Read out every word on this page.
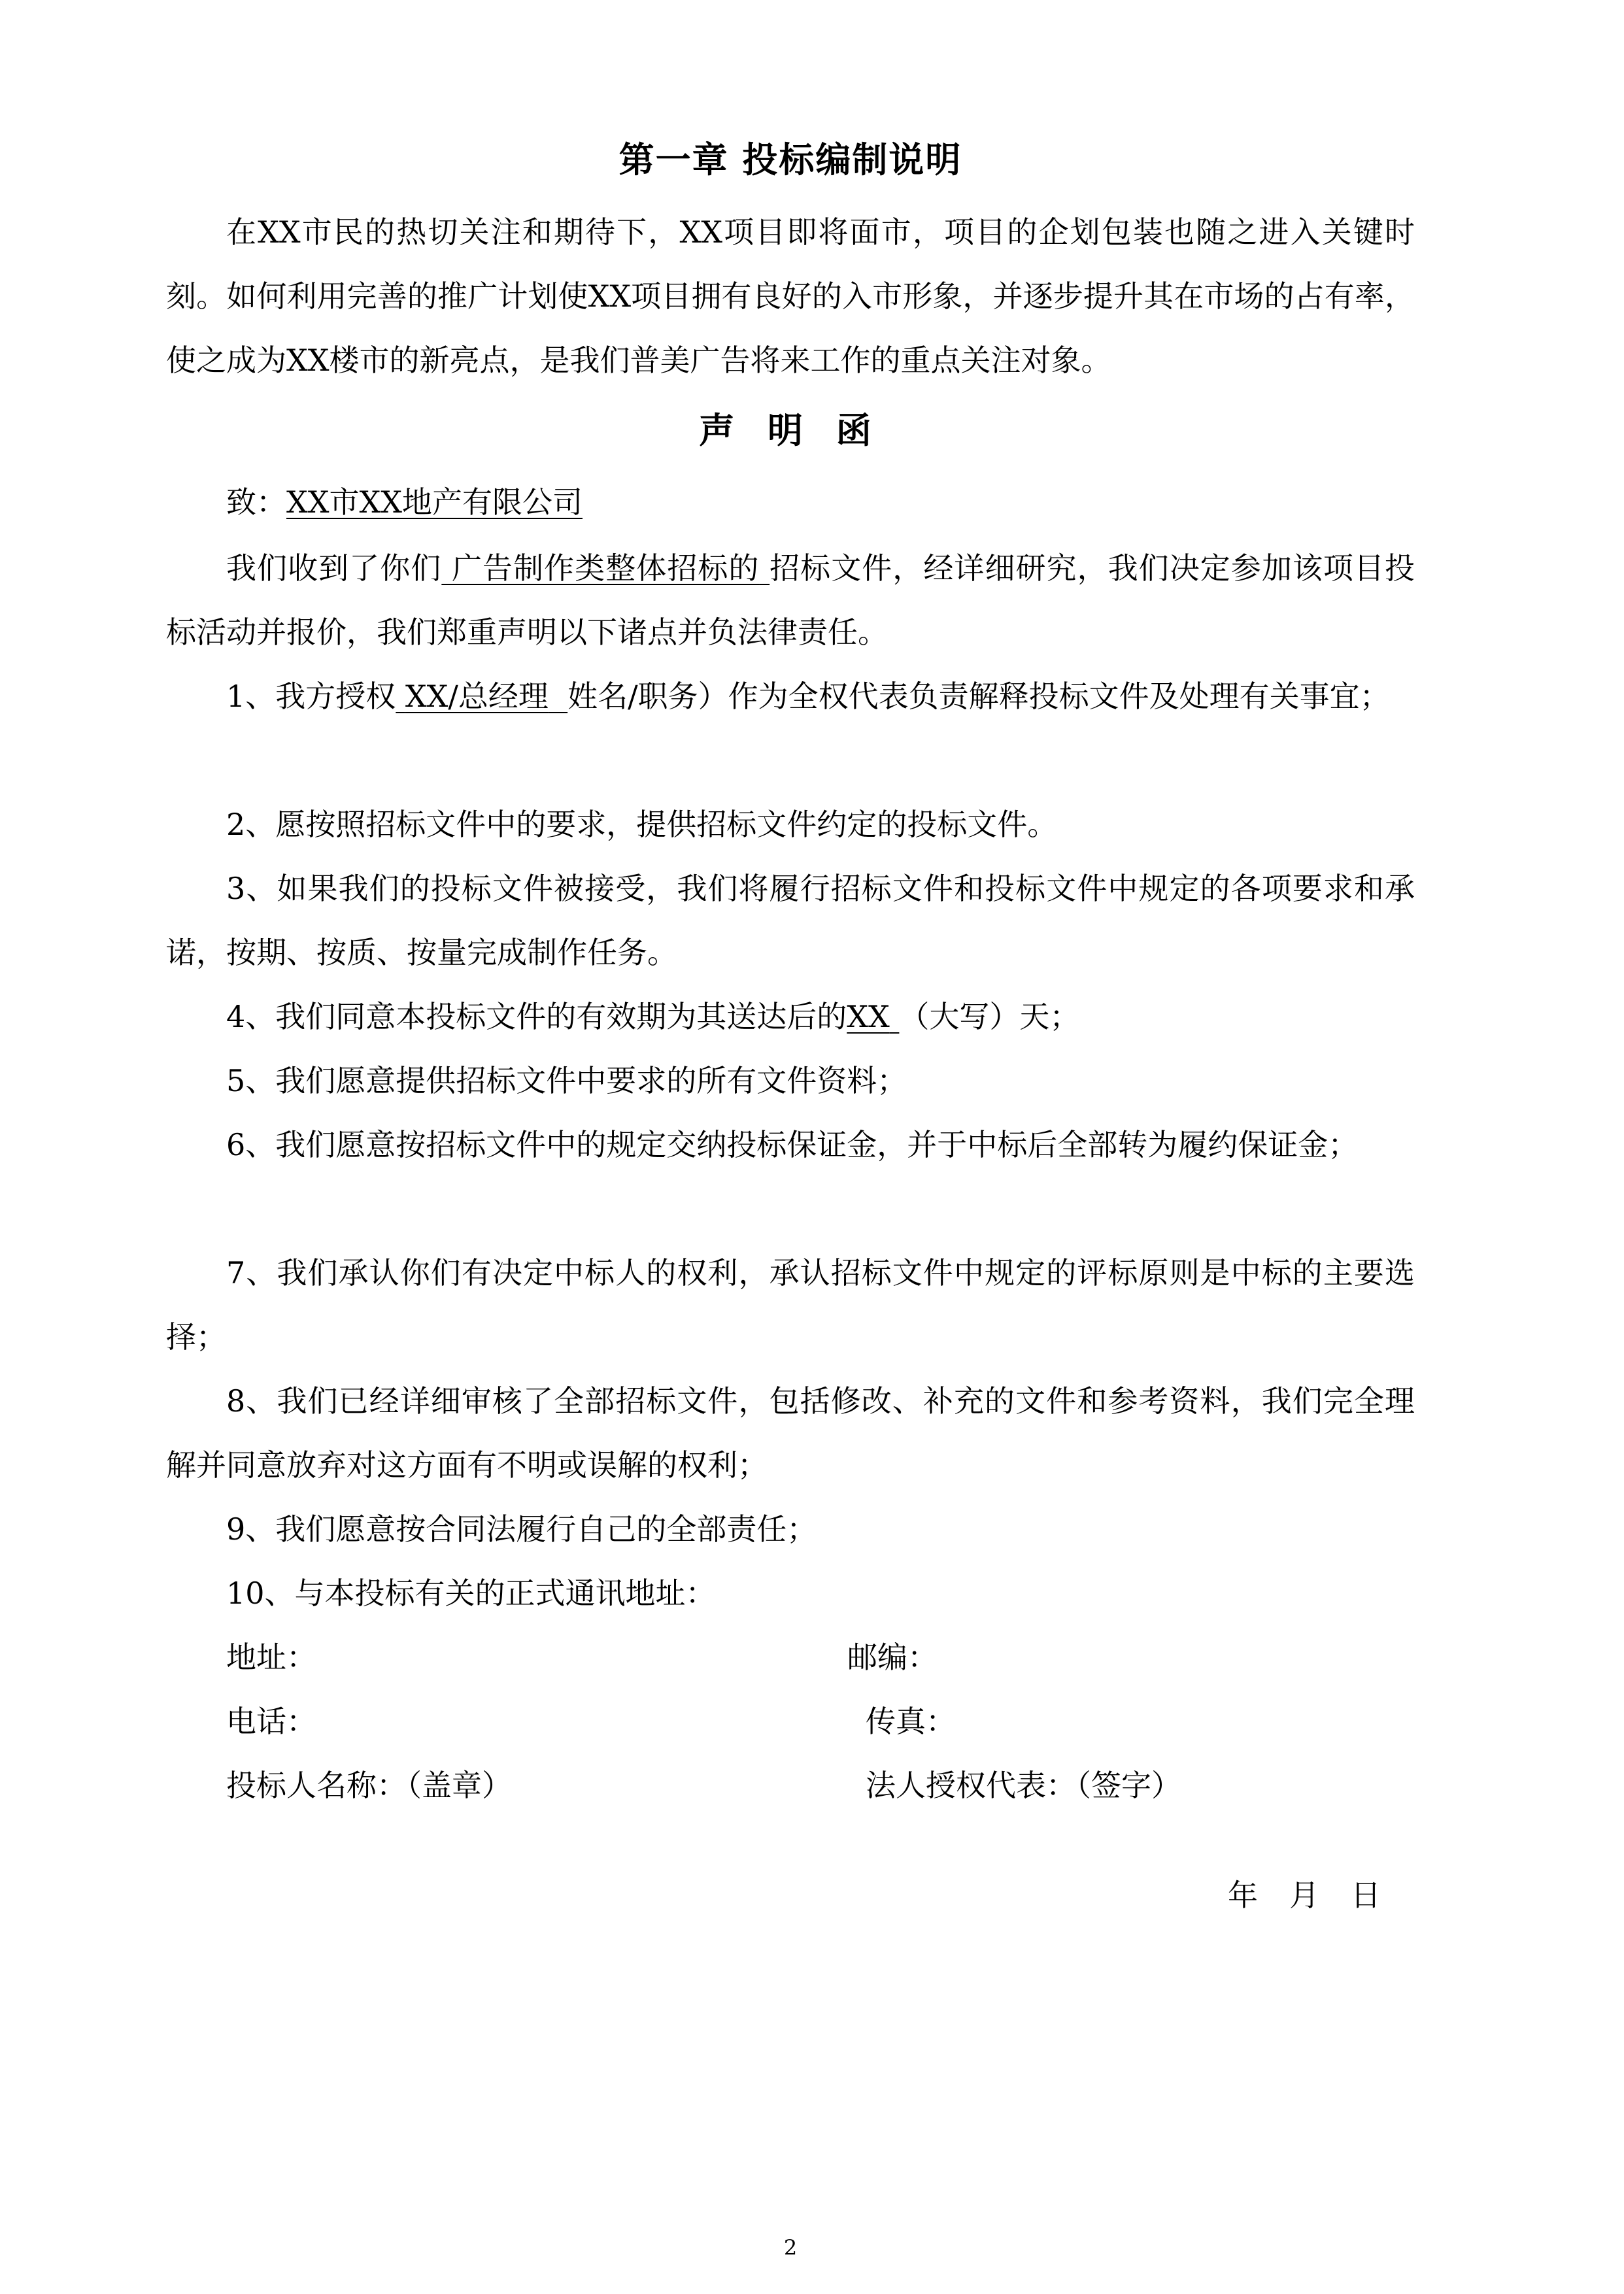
第一章 投标编制说明

在XX市民的热切关注和期待下，XX项目即将面市，项目的企划包装也随之进入关键时刻。如何利用完善的推广计划使XX项目拥有良好的入市形象，并逐步提升其在市场的占有率，使之成为XX楼市的新亮点，是我们普美广告将来工作的重点关注对象。

声 明 函
致：XX市XX地产有限公司

我们收到了你们 广告制作类整体招标的 招标文件，经详细研究，我们决定参加该项目投标活动并报价，我们郑重声明以下诸点并负法律责任。

1、我方授权 XX/总经理 姓名/职务）作为全权代表负责解释投标文件及处理有关事宜；

2、愿按照招标文件中的要求，提供招标文件约定的投标文件。

3、如果我们的投标文件被接受，我们将履行招标文件和投标文件中规定的各项要求和承诺，按期、按质、按量完成制作任务。

4、我们同意本投标文件的有效期为其送达后的XX （大写）天；

5、我们愿意提供招标文件中要求的所有文件资料；

6、我们愿意按招标文件中的规定交纳投标保证金，并于中标后全部转为履约保证金；

7、我们承认你们有决定中标人的权利，承认招标文件中规定的评标原则是中标的主要选择；

8、我们已经详细审核了全部招标文件，包括修改、补充的文件和参考资料，我们完全理解并同意放弃对这方面有不明或误解的权利；

9、我们愿意按合同法履行自己的全部责任；

10、与本投标有关的正式通讯地址：

地址：	邮编：
电话：	传真：
投标人名称：（盖章）	法人授权代表：（签字）
年 月 日
2
